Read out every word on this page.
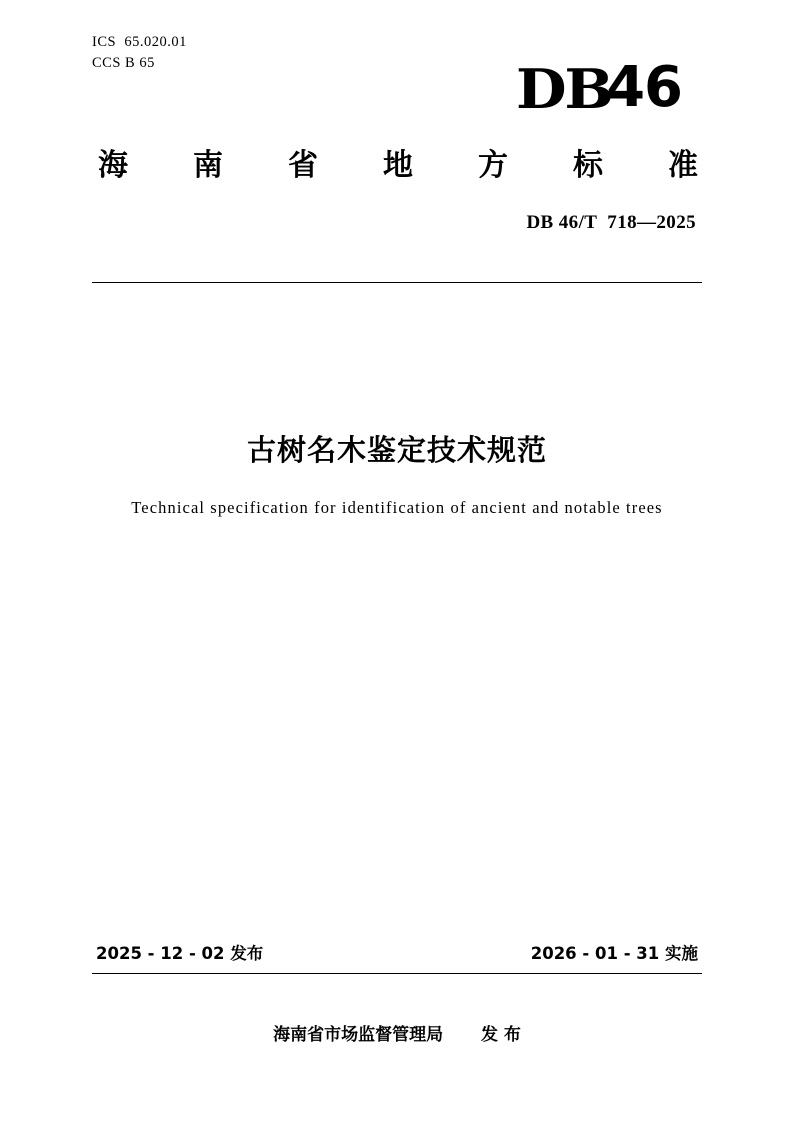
ICS  65.020.01
CCS B 65	DB
46
海 南 省 地 方 标 准
DB 46/T  718—2025
古树名木鉴定技术规范
Technical specification for identification of ancient and notable trees
2025 - 12 - 02 发布	2026 - 01 - 31 实施
海南省市场监督管理局 发 布
